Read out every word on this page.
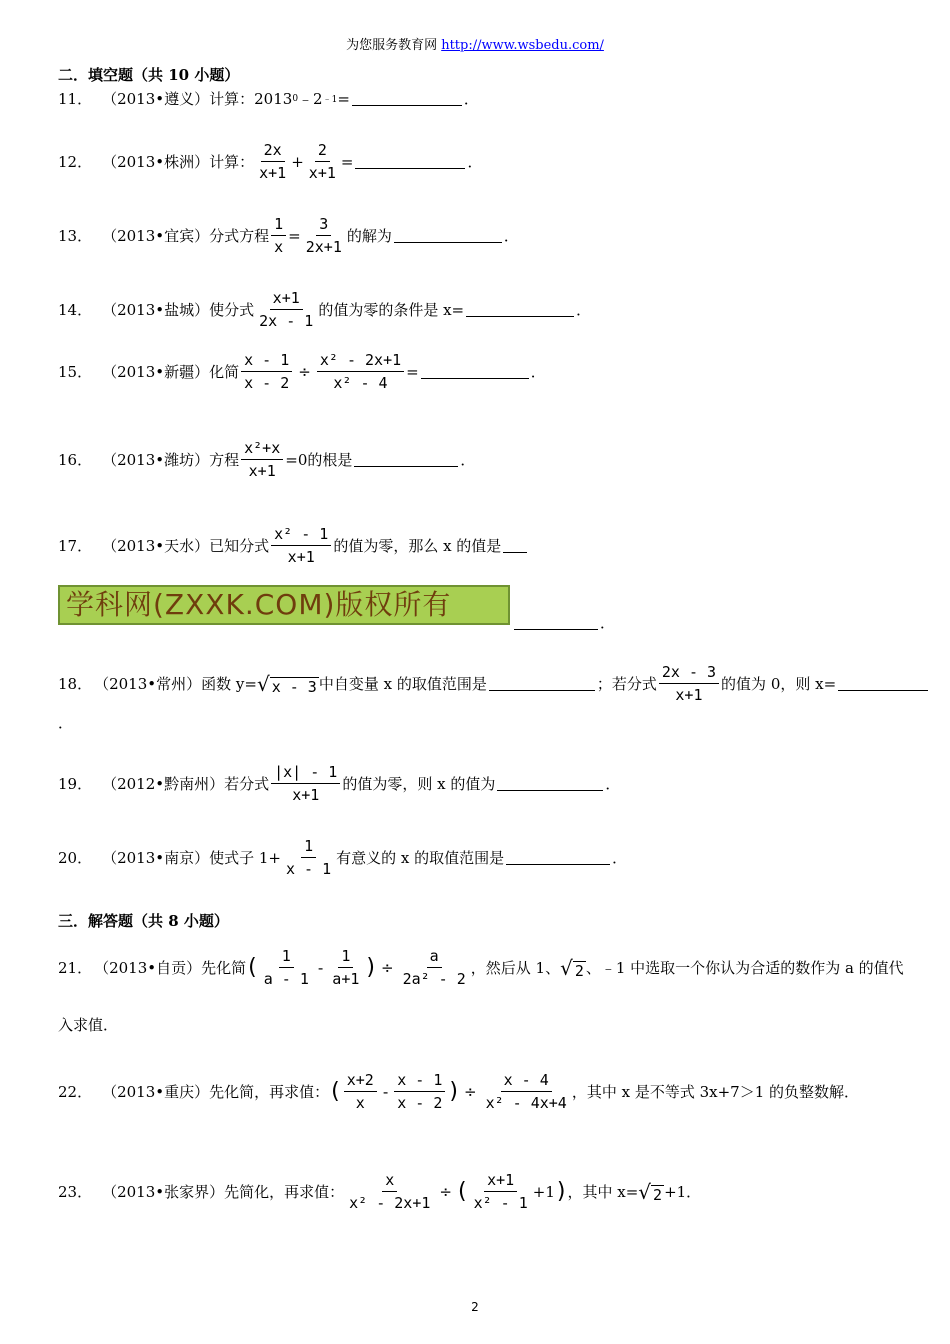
为您服务教育网 http://www.wsbedu.com/
二．填空题（共 10 小题）
11． （2013•遵义）计算： 2013 0 ﹣2 ﹣1 =	．
12． （2013•株洲）计算： $\frac{2x}{x+1} + \frac{2}{x+1}$ =	．
13． （2013•宜宾）分式方程 $\frac{1}{x} = \frac{3}{2x+1}$ 的解为	．
14． （2013•盐城）使分式 $\frac{x+1}{2x - 1}$ 的值为零的条件是 x=	．
15． （2013•新疆）化简 $\frac{x - 1}{x - 2} \div \frac{\text{x² - 2x+1}}{\text{x² - 4}}$ =	．
16． （2013•潍坊）方程 $\frac{\text{x²+x}}{x+1} =0$的根是	．
17． （2013•天水）已知分式 $\frac{\text{x² - 1}}{x+1}$ 的值为零，那么 x 的值是
学科网(ZXXK.COM)版权所有
．
18． （2013•常州）函数 y= √ x - 3 中自变量 x 的取值范围是	；若分式 $\frac{2x - 3}{x+1}$ 的值为 0，则 x=
．
19． （2012•黔南州）若分式 $\frac{|x| - 1}{x+1}$ 的值为零，则 x 的值为	．
20． （2013•南京）使式子 $1+ \frac{1}{x - 1}$ 有意义的 x 的取值范围是	．
三．解答题（共 8 小题）
21． （2013•自贡）先化简 ( $\frac{1}{a - 1} - \frac{1}{a+1}$ ) ÷ $\frac{a}{\text{2a² - 2}}$ ，然后从 1、 √ 2 、﹣1 中选取一个你认为合适的数作为 a 的值代
入求值．
22． （2013•重庆）先化简，再求值： ( $\frac{x+2}{x} - \frac{x - 1}{x - 2}$ ) ÷ $\frac{x - 4}{\text{x² - 4x+4}}$ ，其中 x 是不等式 3x+7＞1 的负整数解．
23． （2013•张家界）先简化，再求值： $\frac{x}{\text{x² - 2x+1}}$ ÷ ( $\frac{x+1}{\text{x² - 1}} +1$ ) ，其中 x= √ 2 +1．
2
